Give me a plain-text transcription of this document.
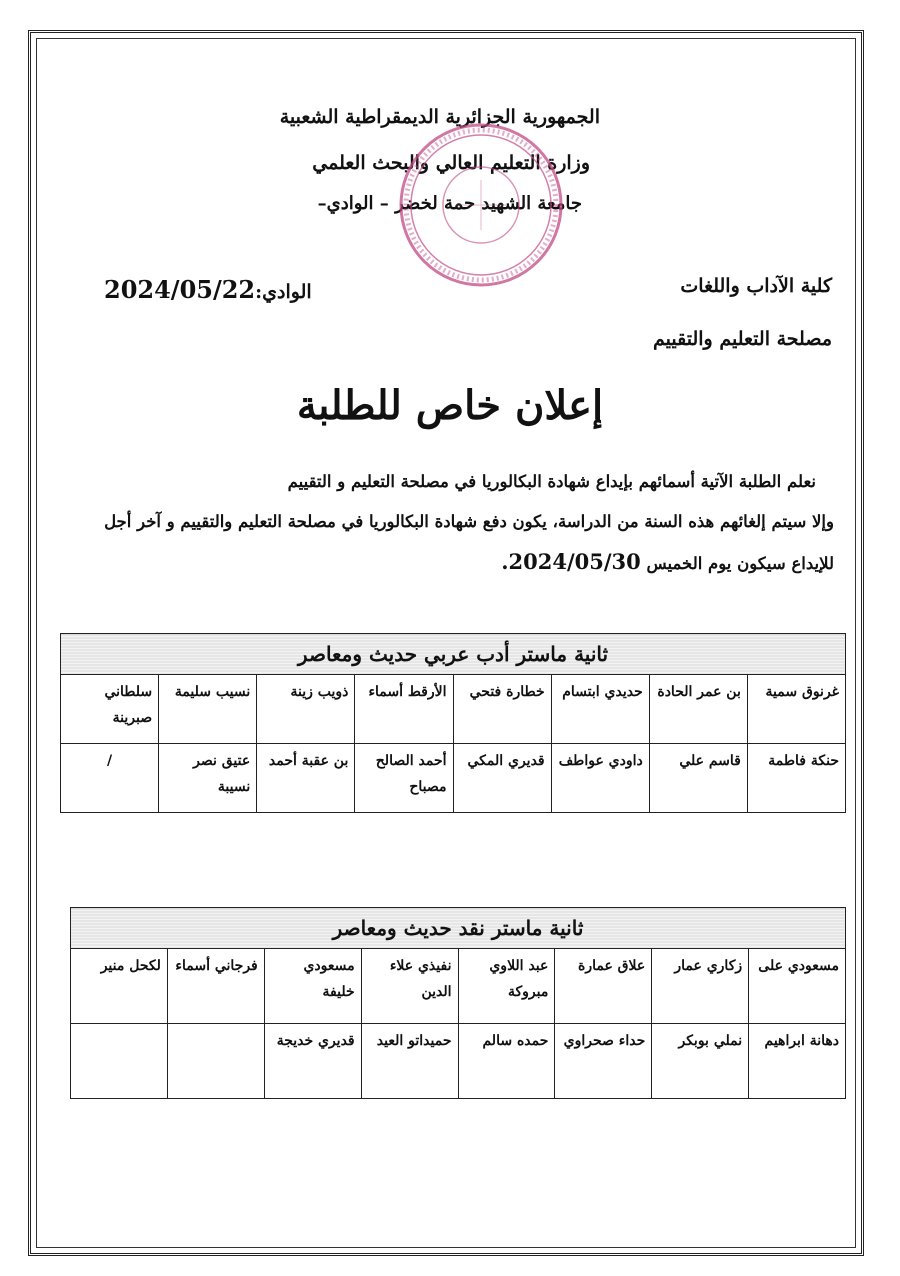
الجمهورية الجزائرية الديمقراطية الشعبية
وزارة التعليم العالي والبحث العلمي
جامعة الشهيد حمة لخضر – الوادي–
كلية الآداب واللغات
مصلحة التعليم والتقييم
الوادي:2024/05/22
إعلان خاص للطلبة

نعلم الطلبة الآتية أسمائهم بإيداع شهادة البكالوريا في مصلحة التعليم و التقييم

وإلا سيتم إلغائهم هذه السنة من الدراسة، يكون دفع شهادة البكالوريا في مصلحة التعليم والتقييم و آخر أجل

للإيداع سيكون يوم الخميس 2024/05/30.

ثانية ماستر أدب عربي حديث ومعاصر							
غرنوق سمية	بن عمر الحادة	حديدي ابتسام	خطارة فتحي	الأرقط أسماء	ذويب زينة	نسيب سليمة	سلطاني صبرينة
حنكة فاطمة	قاسم علي	داودي عواطف	قديري المكي	أحمد الصالح مصباح	بن عقبة أحمد	عتيق نصر نسيبة	/
ثانية ماستر نقد حديث ومعاصر							
مسعودي على	زكاري عمار	علاق عمارة	عبد اللاوي مبروكة	نفيذي علاء الدين	مسعودي خليفة	فرجاني أسماء	لكحل منير
دهانة ابراهيم	نملي بوبكر	حداء صحراوي	حمده سالم	حميداتو العيد	قديري خديجة		
